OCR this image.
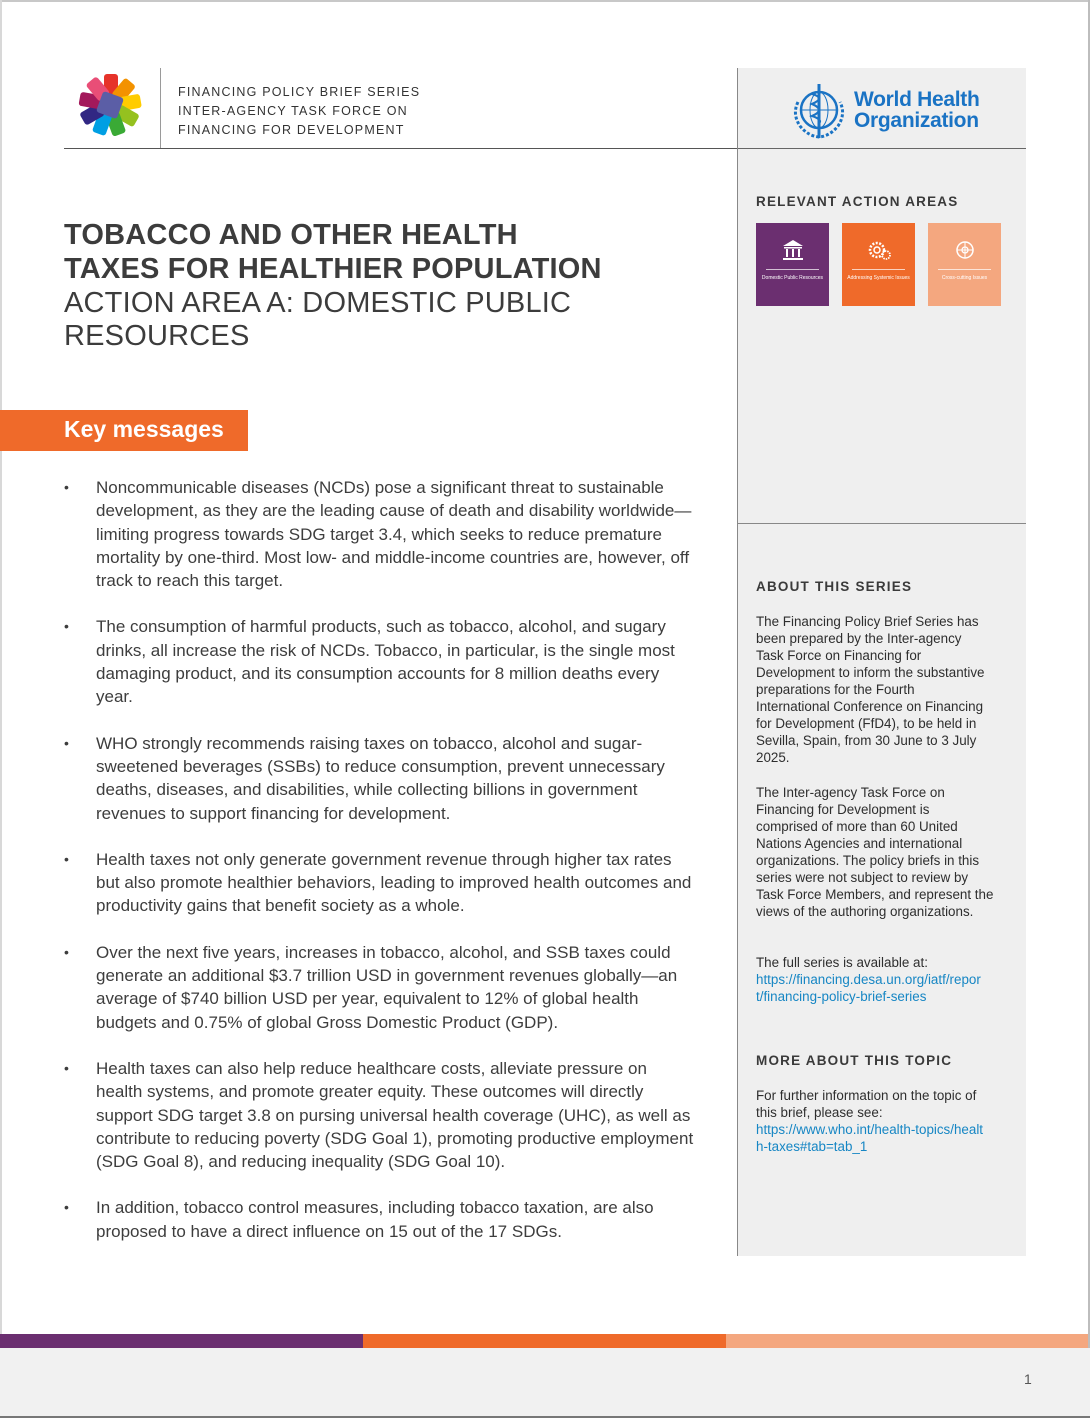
FINANCING POLICY BRIEF SERIES
INTER-AGENCY TASK FORCE ON
FINANCING FOR DEVELOPMENT
World Health
Organization
RELEVANT ACTION AREAS
Domestic Public Resources	Addressing Systemic Issues	Cross-cutting Issues
ABOUT THIS SERIES
The Financing Policy Brief Series has been prepared by the Inter-agency Task Force on Financing for Development to inform the substantive preparations for the Fourth International Conference on Financing for Development (FfD4), to be held in Sevilla, Spain, from 30 June to 3 July 2025.
The Inter-agency Task Force on Financing for Development is comprised of more than 60 United Nations Agencies and international organizations. The policy briefs in this series were not subject to review by Task Force Members, and represent the views of the authoring organizations.
The full series is available at:
https://financing.desa.un.org/iatf/report/financing-policy-brief-series
MORE ABOUT THIS TOPIC
For further information on the topic of this brief, please see:
https://www.who.int/health-topics/health-taxes#tab=tab_1
TOBACCO AND OTHER HEALTH
TAXES FOR HEALTHIER POPULATION
ACTION AREA A: DOMESTIC PUBLIC RESOURCES
Key messages
• Noncommunicable diseases (NCDs) pose a significant threat to sustainable development, as they are the leading cause of death and disability worldwide—limiting progress towards SDG target 3.4, which seeks to reduce premature mortality by one-third. Most low- and middle-income countries are, however, off track to reach this target.
• The consumption of harmful products, such as tobacco, alcohol, and sugary drinks, all increase the risk of NCDs. Tobacco, in particular, is the single most damaging product, and its consumption accounts for 8 million deaths every year.
• WHO strongly recommends raising taxes on tobacco, alcohol and sugar-sweetened beverages (SSBs) to reduce consumption, prevent unnecessary deaths, diseases, and disabilities, while collecting billions in government revenues to support financing for development.
• Health taxes not only generate government revenue through higher tax rates but also promote healthier behaviors, leading to improved health outcomes and productivity gains that benefit society as a whole.
• Over the next five years, increases in tobacco, alcohol, and SSB taxes could generate an additional $3.7 trillion USD in government revenues globally—an average of $740 billion USD per year, equivalent to 12% of global health budgets and 0.75% of global Gross Domestic Product (GDP).
• Health taxes can also help reduce healthcare costs, alleviate pressure on health systems, and promote greater equity. These outcomes will directly support SDG target 3.8 on pursing universal health coverage (UHC), as well as contribute to reducing poverty (SDG Goal 1), promoting productive employment (SDG Goal 8), and reducing inequality (SDG Goal 10).
• In addition, tobacco control measures, including tobacco taxation, are also proposed to have a direct influence on 15 out of the 17 SDGs.
1
